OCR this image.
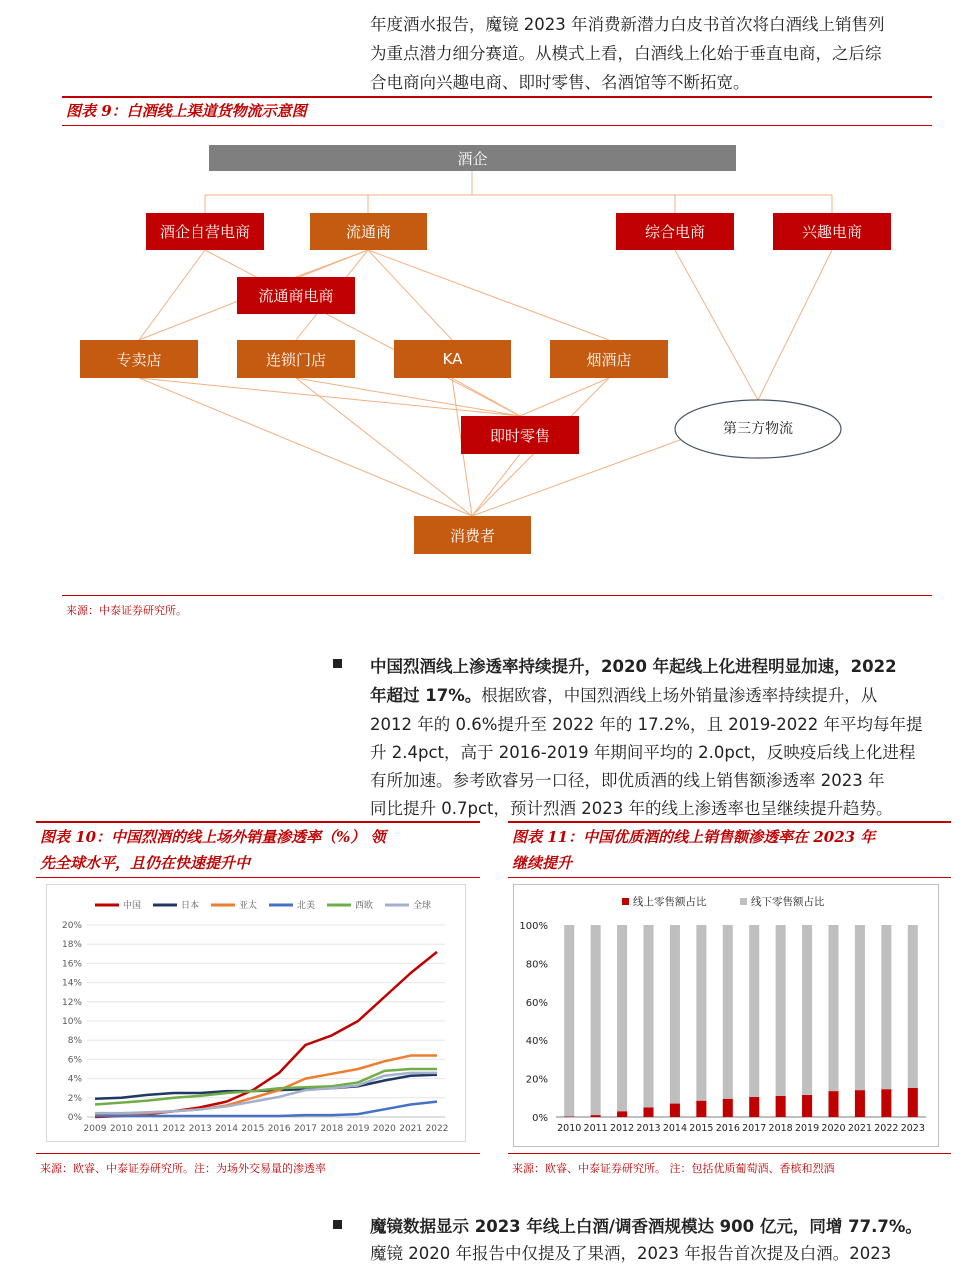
年度酒水报告，魔镜 2023 年消费新潜力白皮书首次将白酒线上销售列

为重点潜力细分赛道。从模式上看，白酒线上化始于垂直电商，之后综

合电商向兴趣电商、即时零售、名酒馆等不断拓宽。

图表 9：白酒线上渠道货物流示意图
酒企
酒企自营电商	流通商	综合电商	兴趣电商
流通商电商
专卖店	连锁门店	KA	烟酒店
即时零售	第三方物流
消费者
来源：中泰证券研究所。

中国烈酒线上渗透率持续提升，2020 年起线上化进程明显加速，2022

年超过 17%。根据欧睿，中国烈酒线上场外销量渗透率持续提升，从

2012 年的 0.6%提升至 2022 年的 17.2%，且 2019-2022 年平均每年提

升 2.4pct，高于 2016-2019 年期间平均的 2.0pct，反映疫后线上化进程

有所加速。参考欧睿另一口径，即优质酒的线上销售额渗透率 2023 年

同比提升 0.7pct，预计烈酒 2023 年的线上渗透率也呈继续提升趋势。

图表 10：中国烈酒的线上场外销量渗透率（%） 领
先全球水平，且仍在快速提升中
0%
2%
4%
6%
8%
10%
12%
14%
16%
18%
20%
2009 2010 2011 2012 2013 2014 2015 2016 2017 2018 2019 2020 2021 2022
中国	日本	亚太	北美	西欧	全球
来源：欧睿、中泰证券研究所。注：为场外交易量的渗透率
图表 11：中国优质酒的线上销售额渗透率在 2023 年
继续提升
0%
20%
40%
60%
80%
100%
2010 2011 2012 2013 2014 2015 2016 2017 2018 2019 2020 2021 2022 2023
线上零售额占比	线下零售额占比
来源：欧睿、中泰证券研究所。 注：包括优质葡萄酒、香槟和烈酒

魔镜数据显示 2023 年线上白酒/调香酒规模达 900 亿元，同增 77.7%。

魔镜 2020 年报告中仅提及了果酒，2023 年报告首次提及白酒。2023
